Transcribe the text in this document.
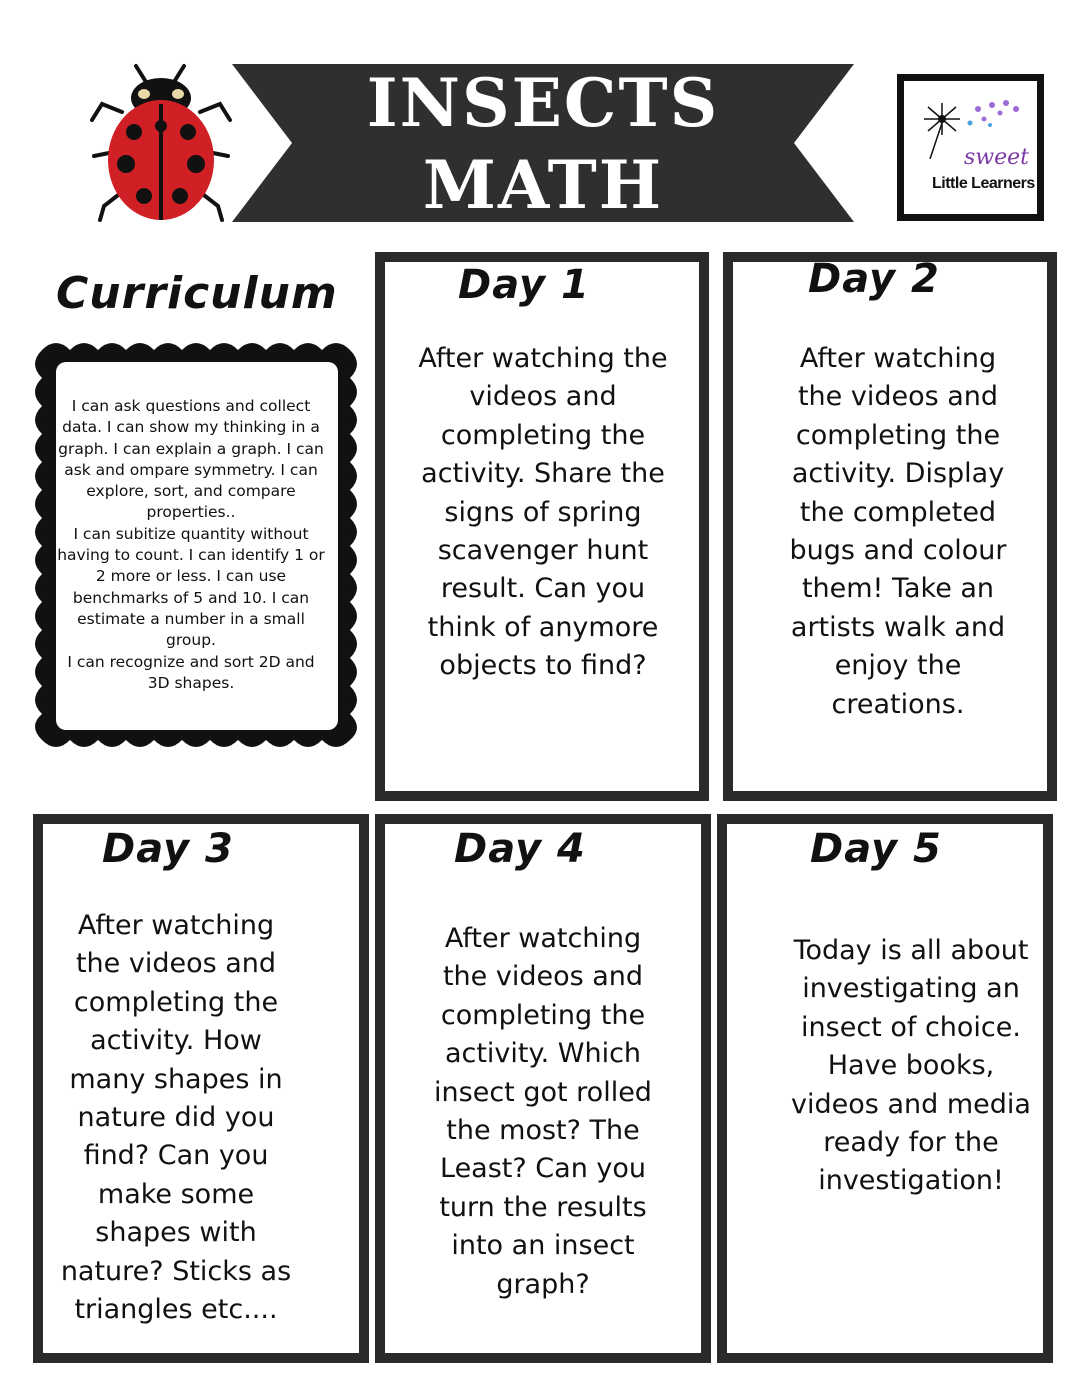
INSECTS
MATH	sweet
Little Learners
Curriculum
I can ask questions and collect data. I can show my thinking in a graph. I can explain a graph. I can ask and ompare symmetry. I can explore, sort, and compare properties..
I can subitize quantity without having to count. I can identify 1 or 2 more or less. I can use benchmarks of 5 and 10. I can estimate a number in a small group.
I can recognize and sort 2D and 3D shapes.
Day 1
After watching the videos and completing the activity. Share the signs of spring scavenger hunt result. Can you think of anymore objects to find?
Day 2
After watching the videos and completing the activity. Display the completed bugs and colour them! Take an artists walk and enjoy the creations.
Day 3
After watching the videos and completing the activity. How many shapes in nature did you find? Can you make some shapes with nature? Sticks as triangles etc....
Day 4
After watching the videos and completing the activity. Which insect got rolled the most? The Least? Can you turn the results into an insect graph?
Day 5
Today is all about investigating an insect of choice. Have books, videos and media ready for the investigation!
